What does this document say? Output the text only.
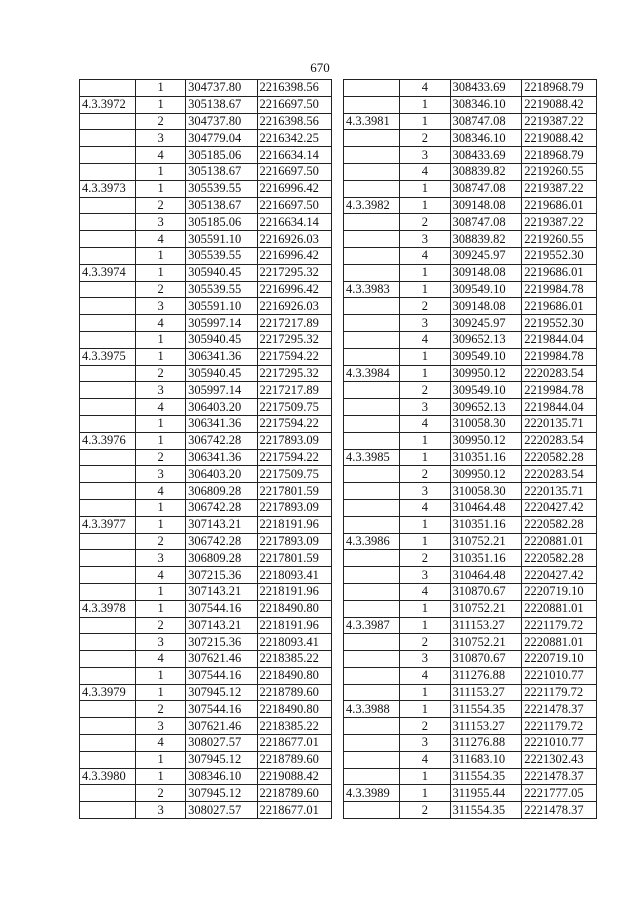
670
	1	304737.80	2216398.56
4.3.3972	1	305138.67	2216697.50
	2	304737.80	2216398.56
	3	304779.04	2216342.25
	4	305185.06	2216634.14
	1	305138.67	2216697.50
4.3.3973	1	305539.55	2216996.42
	2	305138.67	2216697.50
	3	305185.06	2216634.14
	4	305591.10	2216926.03
	1	305539.55	2216996.42
4.3.3974	1	305940.45	2217295.32
	2	305539.55	2216996.42
	3	305591.10	2216926.03
	4	305997.14	2217217.89
	1	305940.45	2217295.32
4.3.3975	1	306341.36	2217594.22
	2	305940.45	2217295.32
	3	305997.14	2217217.89
	4	306403.20	2217509.75
	1	306341.36	2217594.22
4.3.3976	1	306742.28	2217893.09
	2	306341.36	2217594.22
	3	306403.20	2217509.75
	4	306809.28	2217801.59
	1	306742.28	2217893.09
4.3.3977	1	307143.21	2218191.96
	2	306742.28	2217893.09
	3	306809.28	2217801.59
	4	307215.36	2218093.41
	1	307143.21	2218191.96
4.3.3978	1	307544.16	2218490.80
	2	307143.21	2218191.96
	3	307215.36	2218093.41
	4	307621.46	2218385.22
	1	307544.16	2218490.80
4.3.3979	1	307945.12	2218789.60
	2	307544.16	2218490.80
	3	307621.46	2218385.22
	4	308027.57	2218677.01
	1	307945.12	2218789.60
4.3.3980	1	308346.10	2219088.42
	2	307945.12	2218789.60
	3	308027.57	2218677.01
	4	308433.69	2218968.79
	1	308346.10	2219088.42
4.3.3981	1	308747.08	2219387.22
	2	308346.10	2219088.42
	3	308433.69	2218968.79
	4	308839.82	2219260.55
	1	308747.08	2219387.22
4.3.3982	1	309148.08	2219686.01
	2	308747.08	2219387.22
	3	308839.82	2219260.55
	4	309245.97	2219552.30
	1	309148.08	2219686.01
4.3.3983	1	309549.10	2219984.78
	2	309148.08	2219686.01
	3	309245.97	2219552.30
	4	309652.13	2219844.04
	1	309549.10	2219984.78
4.3.3984	1	309950.12	2220283.54
	2	309549.10	2219984.78
	3	309652.13	2219844.04
	4	310058.30	2220135.71
	1	309950.12	2220283.54
4.3.3985	1	310351.16	2220582.28
	2	309950.12	2220283.54
	3	310058.30	2220135.71
	4	310464.48	2220427.42
	1	310351.16	2220582.28
4.3.3986	1	310752.21	2220881.01
	2	310351.16	2220582.28
	3	310464.48	2220427.42
	4	310870.67	2220719.10
	1	310752.21	2220881.01
4.3.3987	1	311153.27	2221179.72
	2	310752.21	2220881.01
	3	310870.67	2220719.10
	4	311276.88	2221010.77
	1	311153.27	2221179.72
4.3.3988	1	311554.35	2221478.37
	2	311153.27	2221179.72
	3	311276.88	2221010.77
	4	311683.10	2221302.43
	1	311554.35	2221478.37
4.3.3989	1	311955.44	2221777.05
	2	311554.35	2221478.37
